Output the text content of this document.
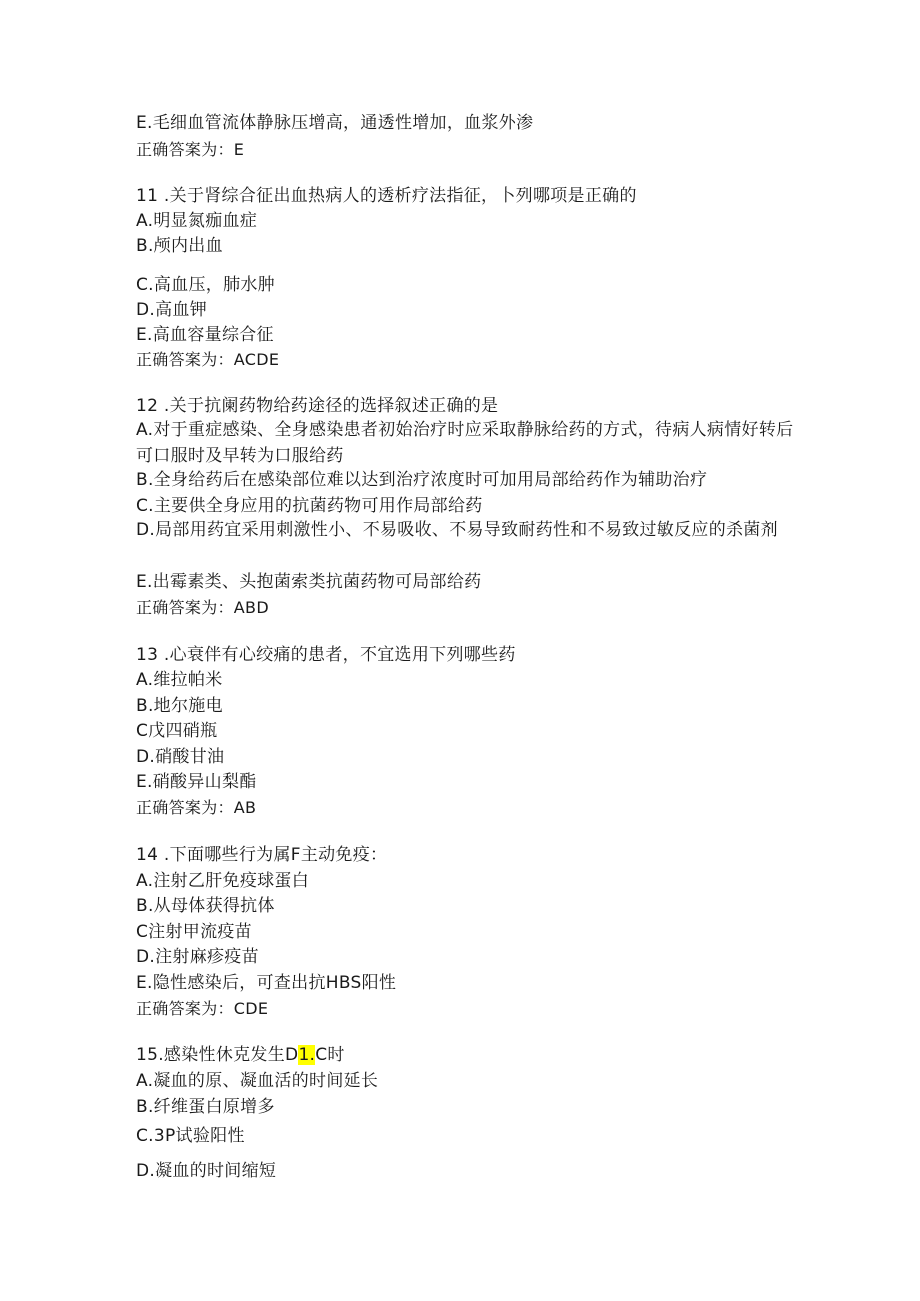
E.毛细血管流体静脉压增高，通透性增加，血浆外渗
正确答案为：E
11 .关于肾综合征出血热病人的透析疗法指征，卜列哪项是正确的
A.明显氮痂血症
B.颅内出血
C.高血压，肺水肿
D.高血钾
E.高血容量综合征
正确答案为：ACDE
12 .关于抗阑药物给药途径的选择叙述正确的是
A.对于重症感染、全身感染患者初始治疗时应采取静脉给药的方式，待病人病情好转后可口服时及早转为口服给药
B.全身给药后在感染部位难以达到治疗浓度时可加用局部给药作为辅助治疗
C.主要供全身应用的抗菌药物可用作局部给药
D.局部用药宜采用刺激性小、不易吸收、不易导致耐药性和不易致过敏反应的杀菌剂
E.出霉素类、头抱菌索类抗菌药物可局部给药
正确答案为：ABD
13 .心衰伴有心绞痛的患者，不宜选用下列哪些药
A.维拉帕米
B.地尔施电
C戊四硝瓶
D.硝酸甘油
E.硝酸异山梨酯
正确答案为：AB
14 .下面哪些行为属F主动免疫：
A.注射乙肝免疫球蛋白
B.从母体获得抗体
C注射甲流疫苗
D.注射麻疹疫苗
E.隐性感染后，可查出抗HBS阳性
正确答案为：CDE
15.感染性休克发生D1.C时
A.凝血的原、凝血活的时间延长
B.纤维蛋白原增多
C.3P试验阳性
D.凝血的时间缩短
